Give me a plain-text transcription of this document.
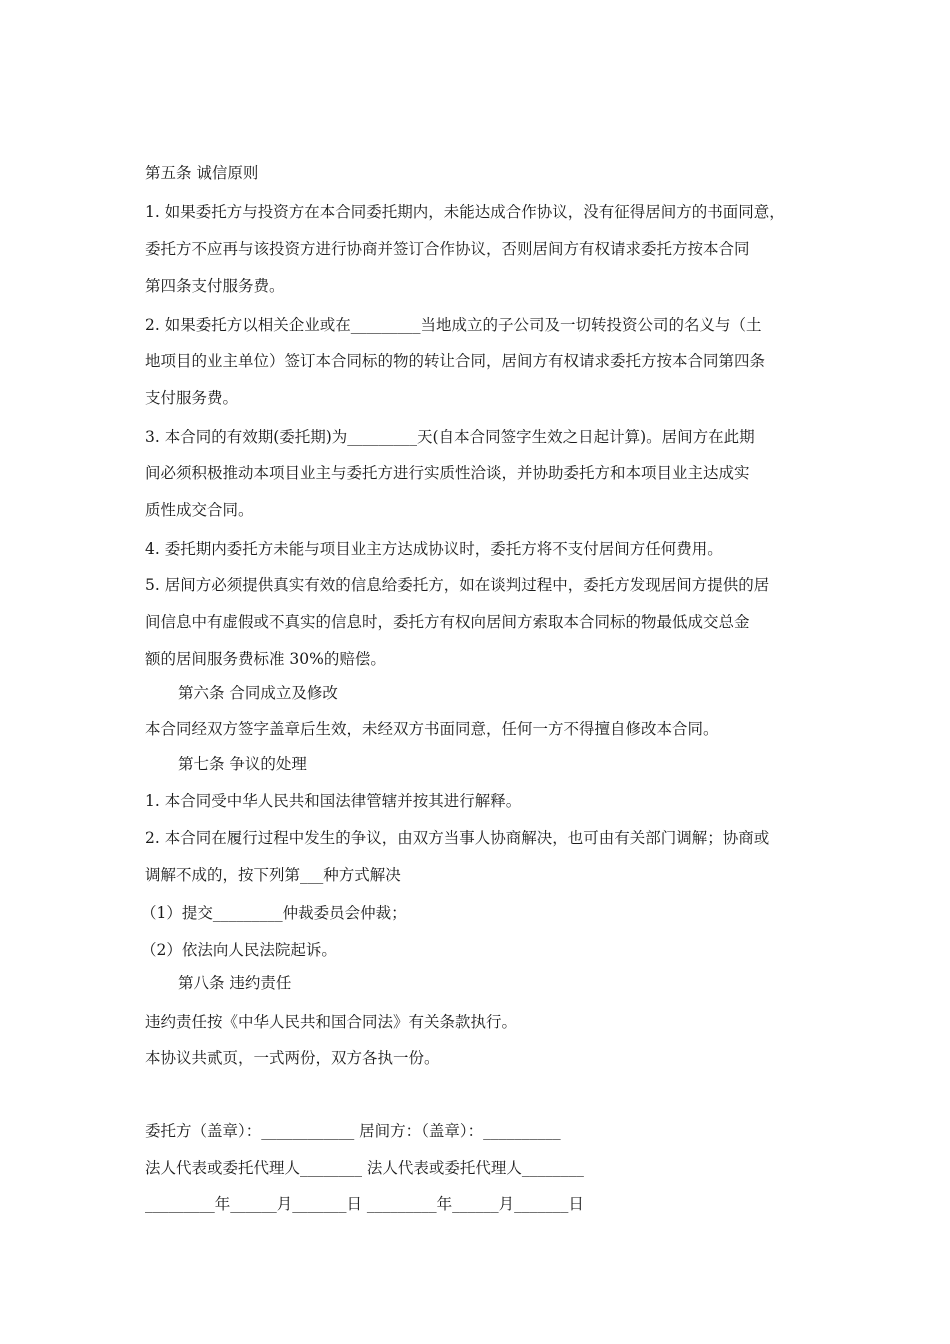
第五条 诚信原则
1. 如果委托方与投资方在本合同委托期内，未能达成合作协议，没有征得居间方的书面同意，
委托方不应再与该投资方进行协商并签订合作协议，否则居间方有权请求委托方按本合同
第四条支付服务费。
2. 如果委托方以相关企业或在_________当地成立的子公司及一切转投资公司的名义与（土
地项目的业主单位）签订本合同标的物的转让合同，居间方有权请求委托方按本合同第四条
支付服务费。
3. 本合同的有效期(委托期)为_________天(自本合同签字生效之日起计算)。居间方在此期
间必须积极推动本项目业主与委托方进行实质性洽谈，并协助委托方和本项目业主达成实
质性成交合同。
4. 委托期内委托方未能与项目业主方达成协议时，委托方将不支付居间方任何费用。
5. 居间方必须提供真实有效的信息给委托方，如在谈判过程中，委托方发现居间方提供的居
间信息中有虚假或不真实的信息时，委托方有权向居间方索取本合同标的物最低成交总金
额的居间服务费标准 30%的赔偿。
第六条 合同成立及修改
本合同经双方签字盖章后生效，未经双方书面同意，任何一方不得擅自修改本合同。
第七条 争议的处理
1. 本合同受中华人民共和国法律管辖并按其进行解释。
2. 本合同在履行过程中发生的争议，由双方当事人协商解决，也可由有关部门调解；协商或
调解不成的，按下列第___种方式解决
（1）提交_________仲裁委员会仲裁；
（2）依法向人民法院起诉。
第八条 违约责任
违约责任按《中华人民共和国合同法》有关条款执行。
本协议共贰页，一式两份，双方各执一份。
委托方（盖章）：____________ 居间方：（盖章）：__________
法人代表或委托代理人________ 法人代表或委托代理人________
_________年______月_______日 _________年______月_______日
